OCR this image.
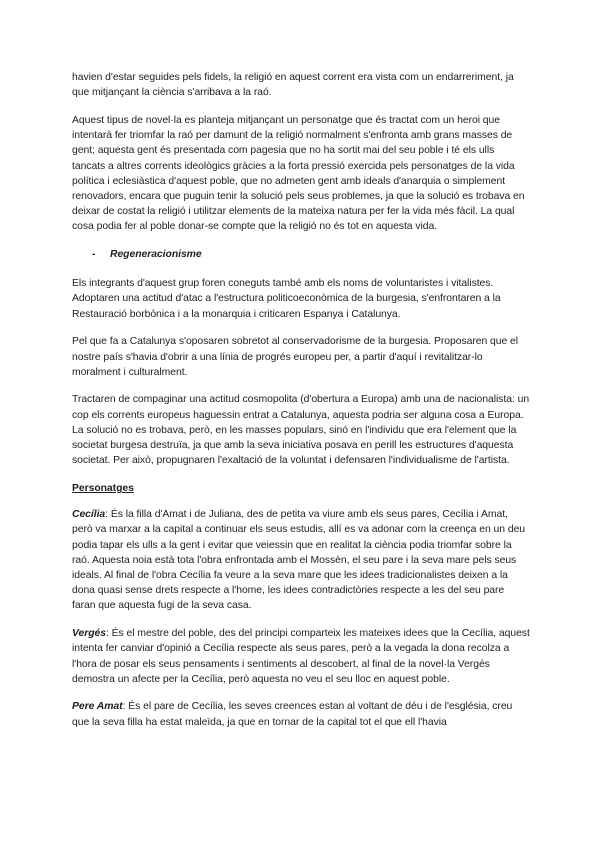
havien d'estar seguides pels fidels, la religió en aquest corrent era vista com un endarreriment, ja que mitjançant la ciència s'arribava a la raó.

Aquest tipus de novel·la es planteja mitjançant un personatge que és tractat com un heroi que intentarà fer triomfar la raó per damunt de la religió normalment s'enfronta amb grans masses de gent; aquesta gent és presentada com pagesia que no ha sortit mai del seu poble i té els ulls tancats a altres corrents ideològics gràcies a la forta pressió exercida pels personatges de la vida política i eclesiàstica d'aquest poble, que no admeten gent amb ideals d'anarquia o simplement renovadors, encara que puguin tenir la solució pels seus problemes, ja que la solució es trobava en deixar de costat la religió i utilitzar elements de la mateixa natura per fer la vida més fàcil. La qual cosa podia fer al poble donar-se compte que la religió no és tot en aquesta vida.

-	Regeneracionisme

Els integrants d'aquest grup foren coneguts també amb els noms de voluntaristes i vitalistes. Adoptaren una actitud d'atac a l'estructura politicoeconòmica de la burgesia, s'enfrontaren a la Restauració borbònica i a la monarquia i criticaren Espanya i Catalunya.

Pel que fa a Catalunya s'oposaren sobretot al conservadorisme de la burgesia. Proposaren que el nostre país s'havia d'obrir a una línia de progrés europeu per, a partir d'aquí i revitalitzar-lo moralment i culturalment.

Tractaren de compaginar una actitud cosmopolita (d'obertura a Europa) amb una de nacionalista: un cop els corrents europeus haguessin entrat a Catalunya, aquesta podria ser alguna cosa a Europa. La solució no es trobava, però, en les masses populars, sinó en l'individu que era l'element que la societat burgesa destruïa, ja que amb la seva iniciativa posava en perill les estructures d'aquesta societat. Per això, propugnaren l'exaltació de la voluntat i defensaren l'individualisme de l'artista.

Personatges

Cecília: És la filla d'Amat i de Juliana, des de petita va viure amb els seus pares, Cecília i Amat, però va marxar a la capital a continuar els seus estudis, allí es va adonar com la creença en un deu podia tapar els ulls a la gent i evitar que veiessin que en realitat la ciència podia triomfar sobre la raó. Aquesta noia està tota l'obra enfrontada amb el Mossèn, el seu pare i la seva mare pels seus ideals. Al final de l'obra Cecília fa veure a la seva mare que les idees tradicionalistes deixen a la dona quasi sense drets respecte a l'home, les idees contradictòries respecte a les del seu pare faran que aquesta fugi de la seva casa.

Vergés: És el mestre del poble, des del principi comparteix les mateixes idees que la Cecília, aquest intenta fer canviar d'opinió a Cecília respecte als seus pares, però a la vegada la dona recolza a l'hora de posar els seus pensaments i sentiments al descobert, al final de la novel·la Vergés demostra un afecte per la Cecília, però aquesta no veu el seu lloc en aquest poble.

Pere Amat: És el pare de Cecília, les seves creences estan al voltant de déu i de l'església, creu que la seva filla ha estat maleïda, ja que en tornar de la capital tot el que ell l'havia
